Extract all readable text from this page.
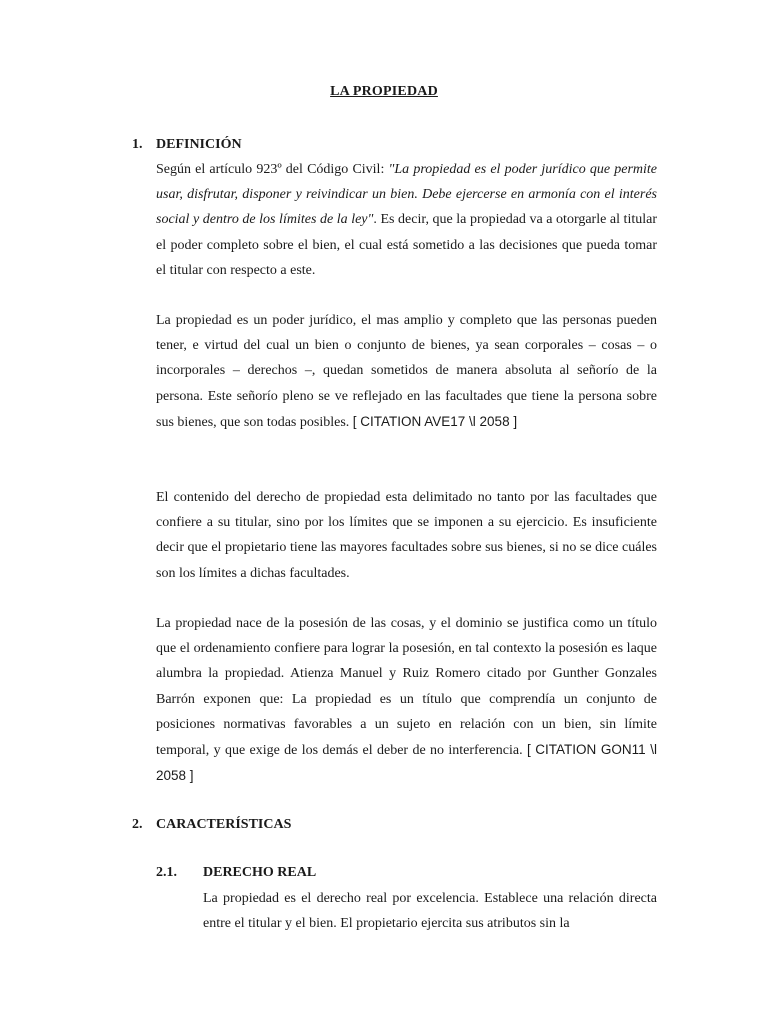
LA PROPIEDAD
1. DEFINICIÓN

Según el artículo 923º del Código Civil: "La propiedad es el poder jurídico que permite usar, disfrutar, disponer y reivindicar un bien. Debe ejercerse en armonía con el interés social y dentro de los límites de la ley". Es decir, que la propiedad va a otorgarle al titular el poder completo sobre el bien, el cual está sometido a las decisiones que pueda tomar el titular con respecto a este.

La propiedad es un poder jurídico, el mas amplio y completo que las personas pueden tener, e virtud del cual un bien o conjunto de bienes, ya sean corporales – cosas – o incorporales – derechos –, quedan sometidos de manera absoluta al señorío de la persona. Este señorío pleno se ve reflejado en las facultades que tiene la persona sobre sus bienes, que son todas posibles. [ CITATION AVE17 \l 2058 ]

El contenido del derecho de propiedad esta delimitado no tanto por las facultades que confiere a su titular, sino por los límites que se imponen a su ejercicio. Es insuficiente decir que el propietario tiene las mayores facultades sobre sus bienes, si no se dice cuáles son los límites a dichas facultades.

La propiedad nace de la posesión de las cosas, y el dominio se justifica como un título que el ordenamiento confiere para lograr la posesión, en tal contexto la posesión es laque alumbra la propiedad. Atienza Manuel y Ruiz Romero citado por Gunther Gonzales Barrón exponen que: La propiedad es un título que comprendía un conjunto de posiciones normativas favorables a un sujeto en relación con un bien, sin límite temporal, y que exige de los demás el deber de no interferencia. [ CITATION GON11 \l 2058 ]

2. CARACTERÍSTICAS
2.1. DERECHO REAL

La propiedad es el derecho real por excelencia. Establece una relación directa entre el titular y el bien. El propietario ejercita sus atributos sin la
